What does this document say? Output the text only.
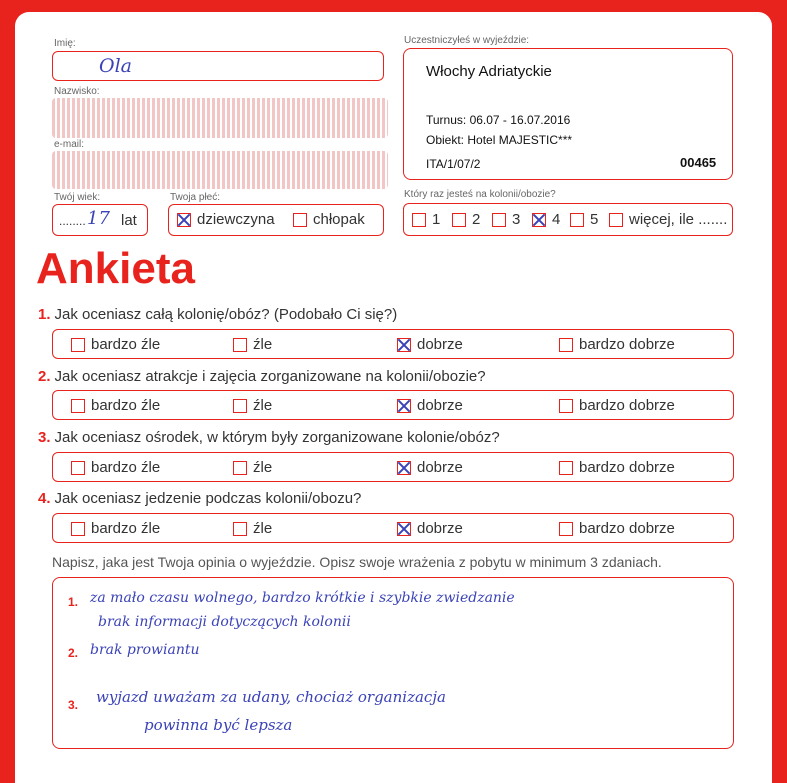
Imię:
Ola
Nazwisko:
e-mail:
Uczestniczyłeś w wyjeździe:
Włochy Adriatyckie
Turnus: 06.07 - 16.07.2016
Obiekt: Hotel MAJESTIC***
ITA/1/07/2	00465
Twój wiek:
........ 17 lat
Twoja płeć:
dziewczyna	chłopak
Który raz jesteś na kolonii/obozie?
1 2 3 4 5 więcej, ile .......
Ankieta
1. Jak oceniasz całą kolonię/obóz? (Podobało Ci się?)
bardzo źle	źle	dobrze	bardzo dobrze
2. Jak oceniasz atrakcje i zajęcia zorganizowane na kolonii/obozie?
bardzo źle	źle	dobrze	bardzo dobrze
3. Jak oceniasz ośrodek, w którym były zorganizowane kolonie/obóz?
bardzo źle	źle	dobrze	bardzo dobrze
4. Jak oceniasz jedzenie podczas kolonii/obozu?
bardzo źle	źle	dobrze	bardzo dobrze
Napisz, jaka jest Twoja opinia o wyjeździe. Opisz swoje wrażenia z pobytu w minimum 3 zdaniach.
1. za mało czasu wolnego, bardzo krótkie i szybkie zwiedzanie
brak informacji dotyczących kolonii
2. brak prowiantu
3. wyjazd uważam za udany, chociaż organizacja
powinna być lepsza
